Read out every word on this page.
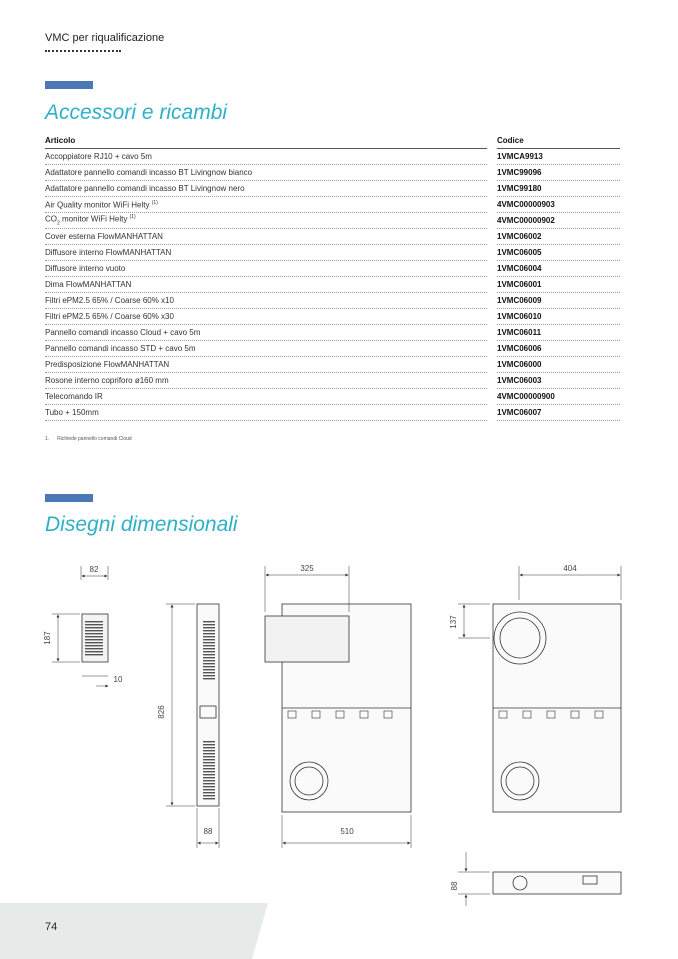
VMC per riqualificazione
Accessori e ricambi
Articolo		Codice
Accoppiatore RJ10 + cavo 5m		1VMCA9913
Adattatore pannello comandi incasso BT Livingnow bianco		1VMC99096
Adattatore pannello comandi incasso BT Livingnow nero		1VMC99180
Air Quality monitor WiFi Helty $^{(1)}$		4VMC00000903
$CO_2$ monitor WiFi Helty $^{(1)}$		4VMC00000902
Cover esterna FlowMANHATTAN		1VMC06002
Diffusore interno FlowMANHATTAN		1VMC06005
Diffusore interno vuoto		1VMC06004
Dima FlowMANHATTAN		1VMC06001
Filtri ePM2.5 65% / Coarse 60% x10		1VMC06009
Filtri ePM2.5 65% / Coarse 60% x30		1VMC06010
Pannello comandi incasso Cloud + cavo 5m		1VMC06011
Pannello comandi incasso STD + cavo 5m		1VMC06006
Predisposizione FlowMANHATTAN		1VMC06000
Rosone interno copriforo ø160 mm		1VMC06003
Telecomando IR		4VMC00000900
Tubo + 150mm		1VMC06007
1. Richiede pannello comandi Cloud
Disegni dimensionali
82
187
10
826
88
325
510
404
137
88
74
